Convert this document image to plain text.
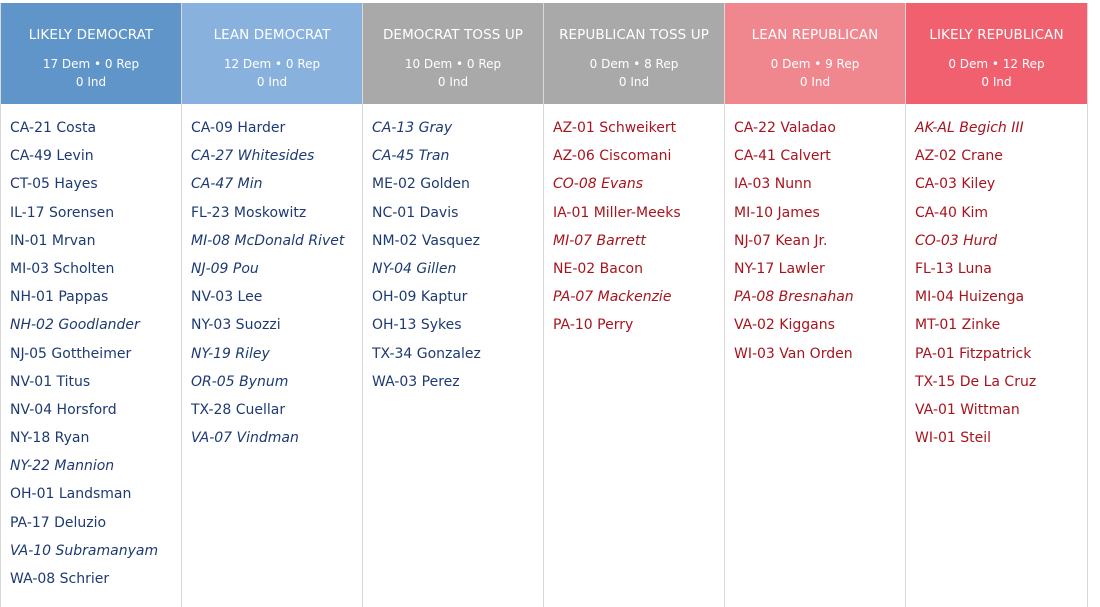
LIKELY DEMOCRAT
17 Dem • 0 Rep
0 Ind
CA-21 Costa
CA-49 Levin
CT-05 Hayes
IL-17 Sorensen
IN-01 Mrvan
MI-03 Scholten
NH-01 Pappas
NH-02 Goodlander
NJ-05 Gottheimer
NV-01 Titus
NV-04 Horsford
NY-18 Ryan
NY-22 Mannion
OH-01 Landsman
PA-17 Deluzio
VA-10 Subramanyam
WA-08 Schrier
LEAN DEMOCRAT
12 Dem • 0 Rep
0 Ind
CA-09 Harder
CA-27 Whitesides
CA-47 Min
FL-23 Moskowitz
MI-08 McDonald Rivet
NJ-09 Pou
NV-03 Lee
NY-03 Suozzi
NY-19 Riley
OR-05 Bynum
TX-28 Cuellar
VA-07 Vindman
DEMOCRAT TOSS UP
10 Dem • 0 Rep
0 Ind
CA-13 Gray
CA-45 Tran
ME-02 Golden
NC-01 Davis
NM-02 Vasquez
NY-04 Gillen
OH-09 Kaptur
OH-13 Sykes
TX-34 Gonzalez
WA-03 Perez
REPUBLICAN TOSS UP
0 Dem • 8 Rep
0 Ind
AZ-01 Schweikert
AZ-06 Ciscomani
CO-08 Evans
IA-01 Miller-Meeks
MI-07 Barrett
NE-02 Bacon
PA-07 Mackenzie
PA-10 Perry
LEAN REPUBLICAN
0 Dem • 9 Rep
0 Ind
CA-22 Valadao
CA-41 Calvert
IA-03 Nunn
MI-10 James
NJ-07 Kean Jr.
NY-17 Lawler
PA-08 Bresnahan
VA-02 Kiggans
WI-03 Van Orden
LIKELY REPUBLICAN
0 Dem • 12 Rep
0 Ind
AK-AL Begich III
AZ-02 Crane
CA-03 Kiley
CA-40 Kim
CO-03 Hurd
FL-13 Luna
MI-04 Huizenga
MT-01 Zinke
PA-01 Fitzpatrick
TX-15 De La Cruz
VA-01 Wittman
WI-01 Steil
